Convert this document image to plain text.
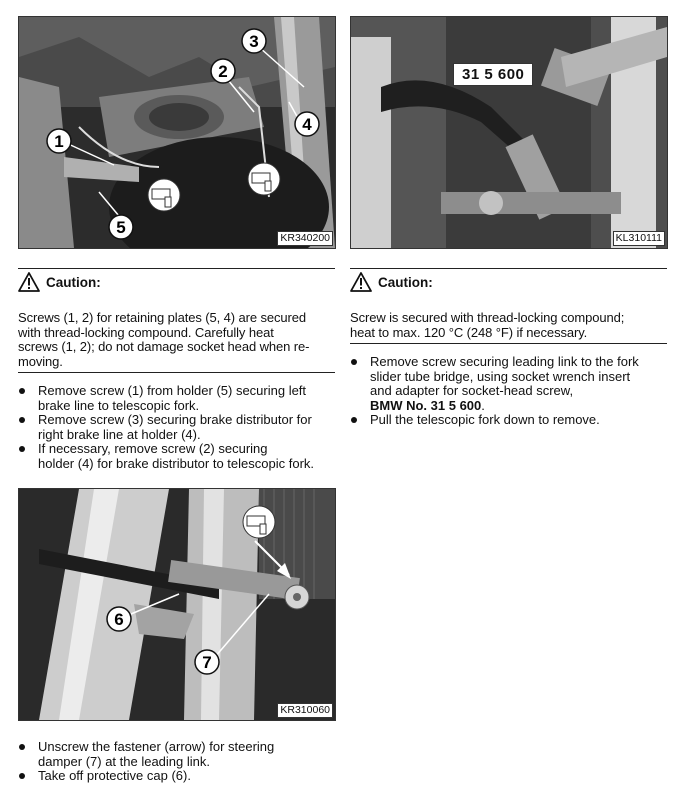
1
2
3
4
5
KR340200
31 5 600
KL310111
Caution:
Screws (1, 2) for retaining plates (5, 4) are secured
with thread-locking compound. Carefully heat
screws (1, 2); do not damage socket head when re-
moving.
Remove screw (1) from holder (5) securing left
brake line to telescopic fork.
Remove screw (3) securing brake distributor for
right brake line at holder (4).
If necessary, remove screw (2) securing
holder (4) for brake distributor to telescopic fork.
Caution:
Screw is secured with thread-locking compound;
heat to max. 120 °C (248 °F) if necessary.
Remove screw securing leading link to the fork
slider tube bridge, using socket wrench insert
and adapter for socket-head screw,
BMW No. 31 5 600.
Pull the telescopic fork down to remove.
6
7
KR310060
Unscrew the fastener (arrow) for steering
damper (7) at the leading link.
Take off protective cap (6).
